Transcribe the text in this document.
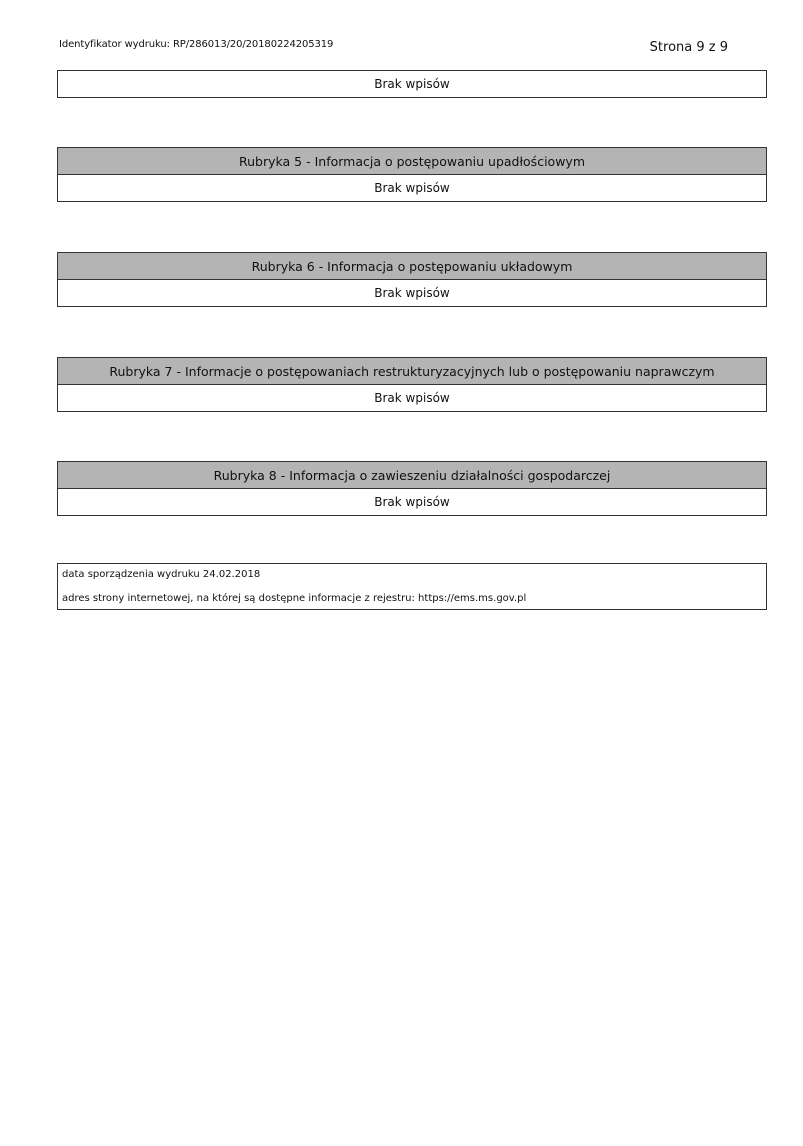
Identyfikator wydruku: RP/286013/20/20180224205319	Strona 9 z 9
Brak wpisów
Rubryka 5 - Informacja o postępowaniu upadłościowym
Brak wpisów
Rubryka 6 - Informacja o postępowaniu układowym
Brak wpisów
Rubryka 7 - Informacje o postępowaniach restrukturyzacyjnych lub o postępowaniu naprawczym
Brak wpisów
Rubryka 8 - Informacja o zawieszeniu działalności gospodarczej
Brak wpisów
data sporządzenia wydruku 24.02.2018
adres strony internetowej, na której są dostępne informacje z rejestru: https://ems.ms.gov.pl
